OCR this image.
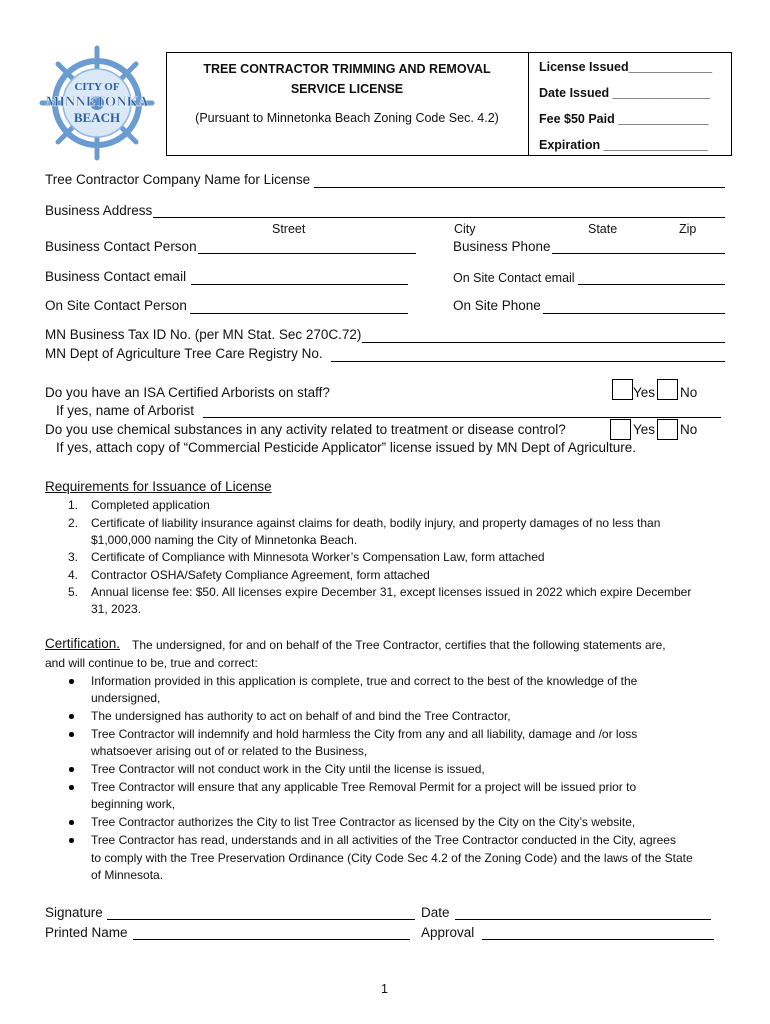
CITY OF
MINNETONKA
BEACH
TREE CONTRACTOR TRIMMING AND REMOVAL
SERVICE LICENSE
(Pursuant to Minnetonka Beach Zoning Code Sec. 4.2)
License Issued____________
Date Issued ______________
Fee $50 Paid _____________
Expiration _______________
Tree Contractor Company Name for License
Business Address
Street	City	State	Zip
Business Contact Person	Business Phone
Business Contact email	On Site Contact email
On Site Contact Person	On Site Phone
MN Business Tax ID No. (per MN Stat. Sec 270C.72)
MN Dept of Agriculture Tree Care Registry No.
Do you have an ISA Certified Arborists on staff?	Yes No
If yes, name of Arborist
Do you use chemical substances in any activity related to treatment or disease control?	Yes No
If yes, attach copy of “Commercial Pesticide Applicator” license issued by MN Dept of Agriculture.
Requirements for Issuance of License
1. Completed application
2. Certificate of liability insurance against claims for death, bodily injury, and property damages of no less than
$1,000,000 naming the City of Minnetonka Beach.
3. Certificate of Compliance with Minnesota Worker’s Compensation Law, form attached
4. Contractor OSHA/Safety Compliance Agreement, form attached
5. Annual license fee: $50. All licenses expire December 31, except licenses issued in 2022 which expire December
31, 2023.
Certification. The undersigned, for and on behalf of the Tree Contractor, certifies that the following statements are,
and will continue to be, true and correct:
Information provided in this application is complete, true and correct to the best of the knowledge of the
undersigned,
The undersigned has authority to act on behalf of and bind the Tree Contractor,
Tree Contractor will indemnify and hold harmless the City from any and all liability, damage and /or loss
whatsoever arising out of or related to the Business,
Tree Contractor will not conduct work in the City until the license is issued,
Tree Contractor will ensure that any applicable Tree Removal Permit for a project will be issued prior to
beginning work,
Tree Contractor authorizes the City to list Tree Contractor as licensed by the City on the City’s website,
Tree Contractor has read, understands and in all activities of the Tree Contractor conducted in the City, agrees
to comply with the Tree Preservation Ordinance (City Code Sec 4.2 of the Zoning Code) and the laws of the State
of Minnesota.
Signature	Date
Printed Name	Approval
1
